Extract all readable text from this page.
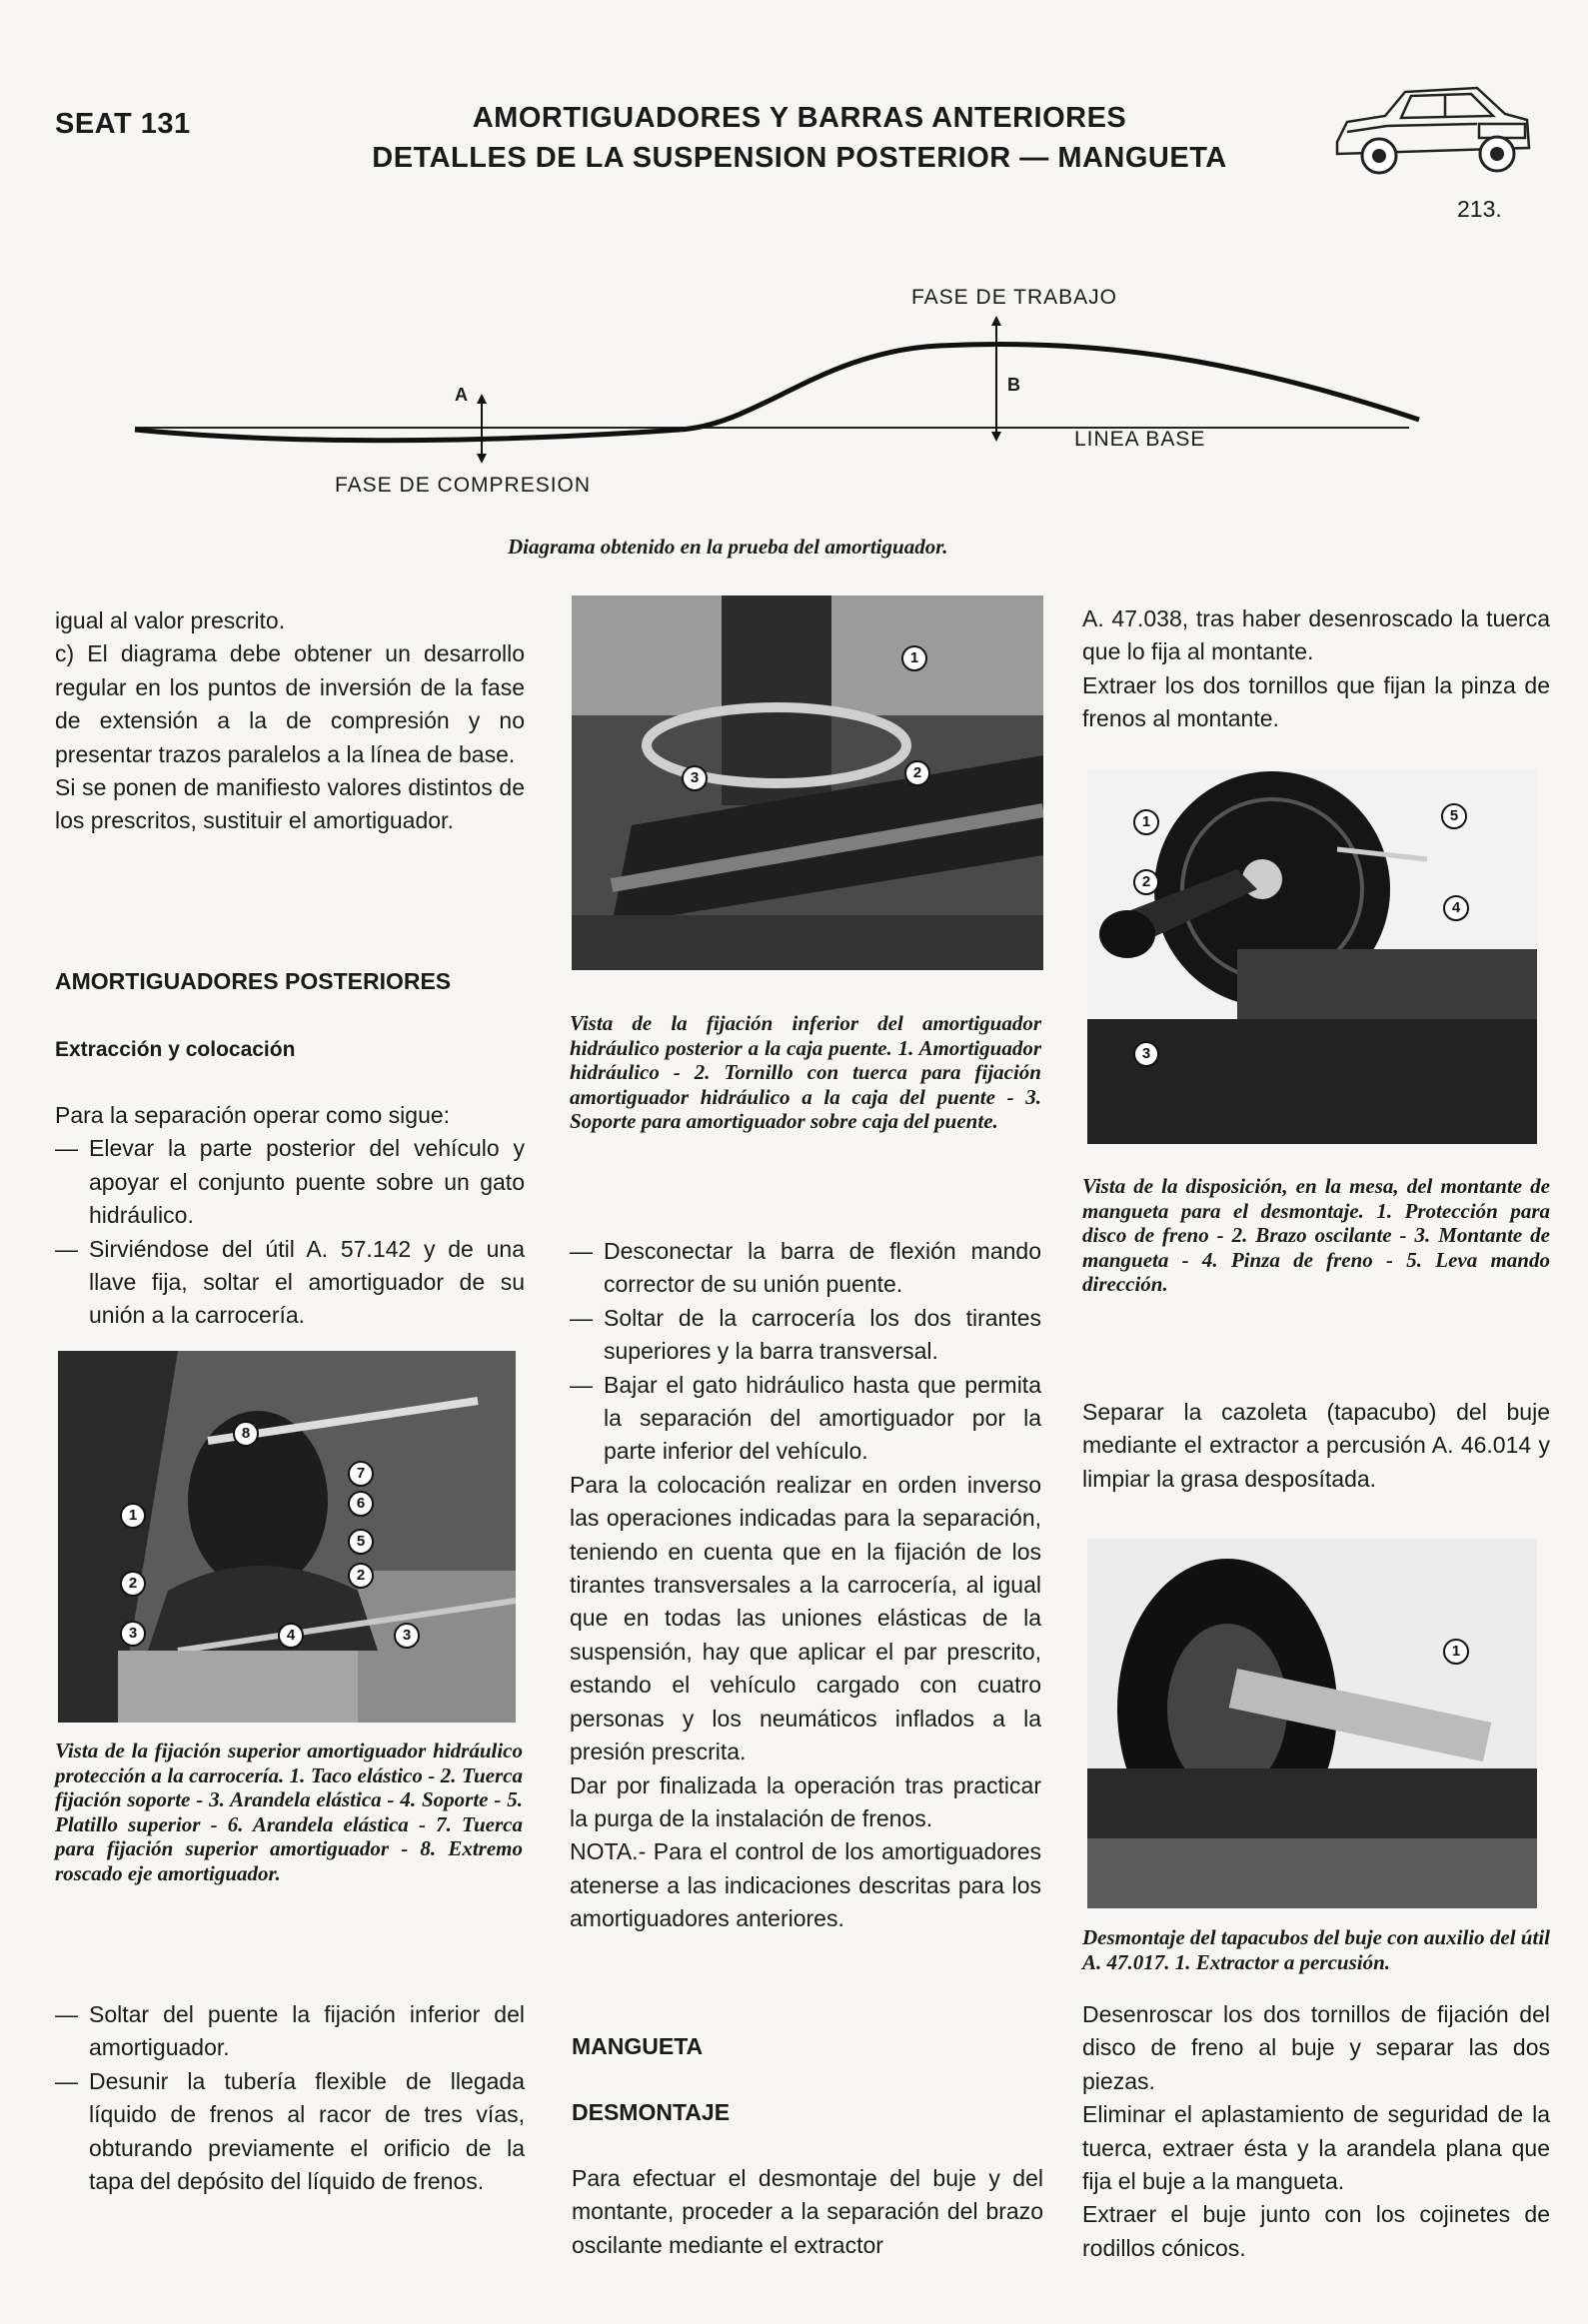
SEAT 131	AMORTIGUADORES Y BARRAS ANTERIORES
DETALLES DE LA SUSPENSION POSTERIOR — MANGUETA
213.
FASE DE TRABAJO
A	B
LINEA BASE
FASE DE COMPRESION
Diagrama obtenido en la prueba del amortiguador.

igual al valor prescrito.

c) El diagrama debe obtener un desarrollo regular en los puntos de inversión de la fase de extensión a la de compresión y no presentar trazos paralelos a la línea de base.

Si se ponen de manifiesto valores distintos de los prescritos, sustituir el amortiguador.

AMORTIGUADORES POSTERIORES
Extracción y colocación

Para la separación operar como sigue:

— Elevar la parte posterior del vehículo y apoyar el conjunto puente sobre un gato hidráulico.
— Sirviéndose del útil A. 57.142 y de una llave fija, soltar el amortiguador de su unión a la carrocería.
8
7
6
5
2
1
2
3	4	3
Vista de la fijación superior amortiguador hidráulico protección a la carrocería. 1. Taco elástico - 2. Tuerca fijación soporte - 3. Arandela elástica - 4. Soporte - 5. Platillo superior - 6. Arandela elástica - 7. Tuerca para fijación superior amortiguador - 8. Extremo roscado eje amortiguador.
— Soltar del puente la fijación inferior del amortiguador.
— Desunir la tubería flexible de llegada líquido de frenos al racor de tres vías, obturando previamente el orificio de la tapa del depósito del líquido de frenos.
1
2
3
Vista de la fijación inferior del amortiguador hidráulico posterior a la caja puente. 1. Amortiguador hidráulico - 2. Tornillo con tuerca para fijación amortiguador hidráulico a la caja del puente - 3. Soporte para amortiguador sobre caja del puente.
— Desconectar la barra de flexión mando corrector de su unión puente.
— Soltar de la carrocería los dos tirantes superiores y la barra transversal.
— Bajar el gato hidráulico hasta que permita la separación del amortiguador por la parte inferior del vehículo.

Para la colocación realizar en orden inverso las operaciones indicadas para la separación, teniendo en cuenta que en la fijación de los tirantes transversales a la carrocería, al igual que en todas las uniones elásticas de la suspensión, hay que aplicar el par prescrito, estando el vehículo cargado con cuatro personas y los neumáticos inflados a la presión prescrita.

Dar por finalizada la operación tras practicar la purga de la instalación de frenos.

NOTA.- Para el control de los amortiguadores atenerse a las indicaciones descritas para los amortiguadores anteriores.

MANGUETA
DESMONTAJE
Para efectuar el desmontaje del buje y del montante, proceder a la separación del brazo oscilante mediante el extractor

A. 47.038, tras haber desenroscado la tuerca que lo fija al montante.

Extraer los dos tornillos que fijan la pinza de frenos al montante.

1	5
2
4
3
Vista de la disposición, en la mesa, del montante de mangueta para el desmontaje. 1. Protección para disco de freno - 2. Brazo oscilante - 3. Montante de mangueta - 4. Pinza de freno - 5. Leva mando dirección.
Separar la cazoleta (tapacubo) del buje mediante el extractor a percusión A. 46.014 y limpiar la grasa desposítada.
1
Desmontaje del tapacubos del buje con auxilio del útil A. 47.017. 1. Extractor a percusión.

Desenroscar los dos tornillos de fijación del disco de freno al buje y separar las dos piezas.

Eliminar el aplastamiento de seguridad de la tuerca, extraer ésta y la arandela plana que fija el buje a la mangueta.

Extraer el buje junto con los cojinetes de rodillos cónicos.
